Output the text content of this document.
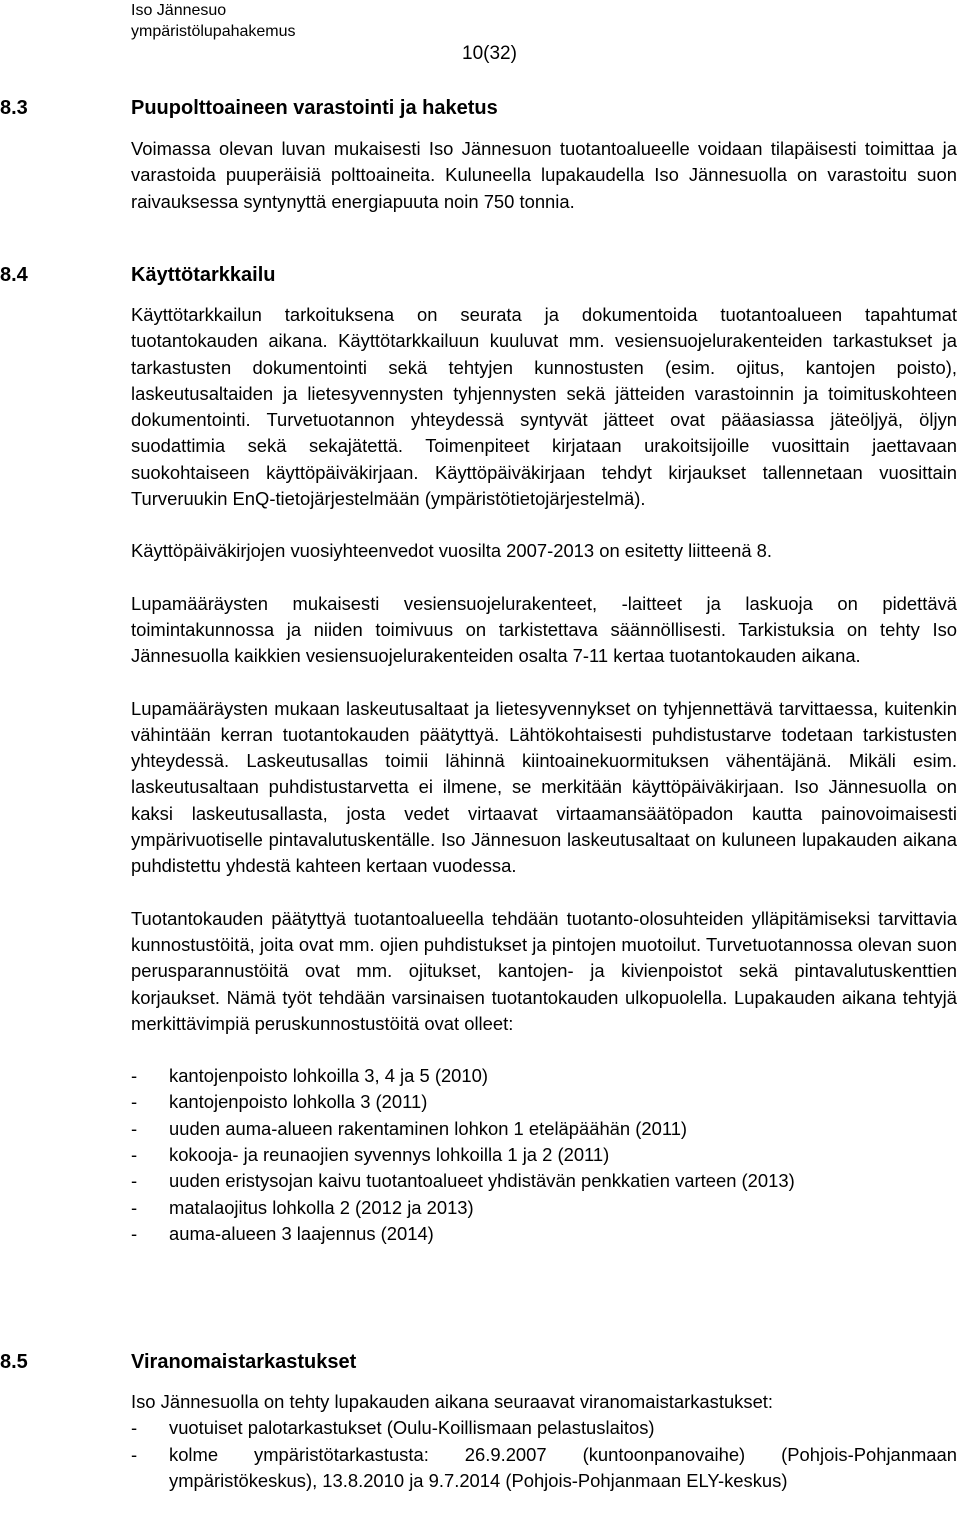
Iso Jännesuo
ympäristölupahakemus
10(32)
8.3	Puupolttoaineen varastointi ja haketus

Voimassa olevan luvan mukaisesti Iso Jännesuon tuotantoalueelle voidaan tilapäisesti toimittaa ja varastoida puuperäisiä polttoaineita. Kuluneella lupakaudella Iso Jännesuolla on varastoitu suon raivauksessa syntynyttä energiapuuta noin 750 tonnia.

8.4	Käyttötarkkailu

Käyttötarkkailun tarkoituksena on seurata ja dokumentoida tuotantoalueen tapahtumat tuotantokauden aikana. Käyttötarkkailuun kuuluvat mm. vesiensuojelurakenteiden tarkastukset ja tarkastusten dokumentointi sekä tehtyjen kunnostusten (esim. ojitus, kantojen poisto), laskeutusaltaiden ja lietesyvennysten tyhjennysten sekä jätteiden varastoinnin ja toimituskohteen dokumentointi. Turvetuotannon yhteydessä syntyvät jätteet ovat pääasiassa jäteöljyä, öljyn suodattimia sekä sekajätettä. Toimenpiteet kirjataan urakoitsijoille vuosittain jaettavaan suokohtaiseen käyttöpäiväkirjaan. Käyttöpäiväkirjaan tehdyt kirjaukset tallennetaan vuosittain Turveruukin EnQ-tietojärjestelmään (ympäristötietojärjestelmä).

Käyttöpäiväkirjojen vuosiyhteenvedot vuosilta 2007-2013 on esitetty liitteenä 8.

Lupamääräysten mukaisesti vesiensuojelurakenteet, -laitteet ja laskuoja on pidettävä toimintakunnossa ja niiden toimivuus on tarkistettava säännöllisesti. Tarkistuksia on tehty Iso Jännesuolla kaikkien vesiensuojelurakenteiden osalta 7-11 kertaa tuotantokauden aikana.

Lupamääräysten mukaan laskeutusaltaat ja lietesyvennykset on tyhjennettävä tarvittaessa, kuitenkin vähintään kerran tuotantokauden päätyttyä. Lähtökohtaisesti puhdistustarve todetaan tarkistusten yhteydessä. Laskeutusallas toimii lähinnä kiintoainekuormituksen vähentäjänä. Mikäli esim. laskeutusaltaan puhdistustarvetta ei ilmene, se merkitään käyttöpäiväkirjaan. Iso Jännesuolla on kaksi laskeutusallasta, josta vedet virtaavat virtaamansäätöpadon kautta painovoimaisesti ympärivuotiselle pintavalutuskentälle. Iso Jännesuon laskeutusaltaat on kuluneen lupakauden aikana puhdistettu yhdestä kahteen kertaan vuodessa.

Tuotantokauden päätyttyä tuotantoalueella tehdään tuotanto-olosuhteiden ylläpitämiseksi tarvittavia kunnostustöitä, joita ovat mm. ojien puhdistukset ja pintojen muotoilut. Turvetuotannossa olevan suon perusparannustöitä ovat mm. ojitukset, kantojen- ja kivienpoistot sekä pintavalutuskenttien korjaukset. Nämä työt tehdään varsinaisen tuotantokauden ulkopuolella. Lupakauden aikana tehtyjä merkittävimpiä peruskunnostustöitä ovat olleet:

- kantojenpoisto lohkoilla 3, 4 ja 5 (2010)
- kantojenpoisto lohkolla 3 (2011)
- uuden auma-alueen rakentaminen lohkon 1 eteläpäähän (2011)
- kokooja- ja reunaojien syvennys lohkoilla 1 ja 2 (2011)
- uuden eristysojan kaivu tuotantoalueet yhdistävän penkkatien varteen (2013)
- matalaojitus lohkolla 2 (2012 ja 2013)
- auma-alueen 3 laajennus (2014)
8.5	Viranomaistarkastukset

Iso Jännesuolla on tehty lupakauden aikana seuraavat viranomaistarkastukset:

- vuotuiset palotarkastukset (Oulu-Koillismaan pelastuslaitos)
- kolme ympäristötarkastusta: 26.9.2007 (kuntoonpanovaihe) (Pohjois-Pohjanmaan ympäristökeskus), 13.8.2010 ja 9.7.2014 (Pohjois-Pohjanmaan ELY-keskus)
